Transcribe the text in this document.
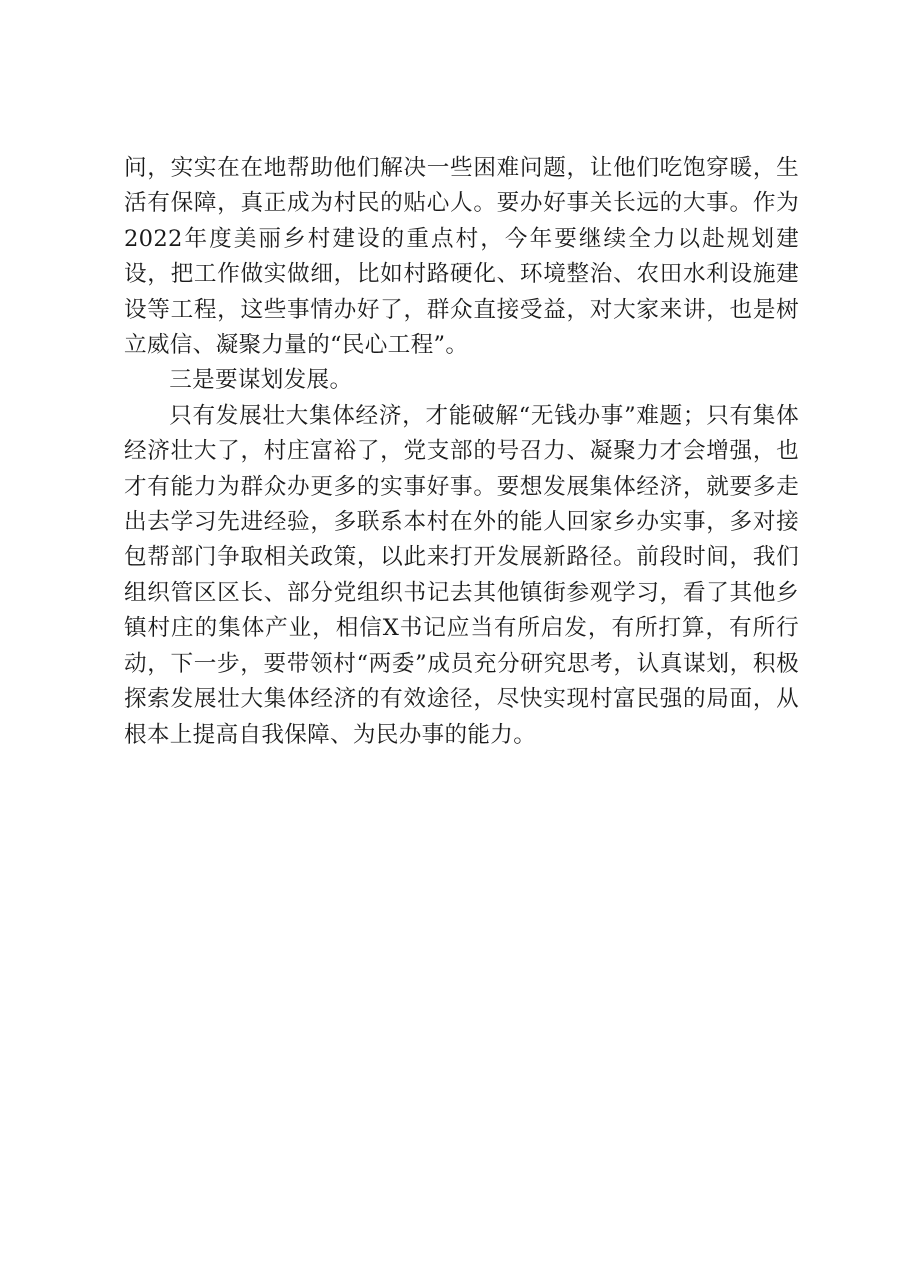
问，实实在在地帮助他们解决一些困难问题，让他们吃饱穿暖，生活有保障，真正成为村民的贴心人。要办好事关长远的大事。作为2022年度美丽乡村建设的重点村，今年要继续全力以赴规划建设，把工作做实做细，比如村路硬化、环境整治、农田水利设施建设等工程，这些事情办好了，群众直接受益，对大家来讲，也是树立威信、凝聚力量的“民心工程”。

三是要谋划发展。

只有发展壮大集体经济，才能破解“无钱办事”难题；只有集体经济壮大了，村庄富裕了，党支部的号召力、凝聚力才会增强，也才有能力为群众办更多的实事好事。要想发展集体经济，就要多走出去学习先进经验，多联系本村在外的能人回家乡办实事，多对接包帮部门争取相关政策，以此来打开发展新路径。前段时间，我们组织管区区长、部分党组织书记去其他镇街参观学习，看了其他乡镇村庄的集体产业，相信X书记应当有所启发，有所打算，有所行动，下一步，要带领村“两委”成员充分研究思考，认真谋划，积极探索发展壮大集体经济的有效途径，尽快实现村富民强的局面，从根本上提高自我保障、为民办事的能力。
